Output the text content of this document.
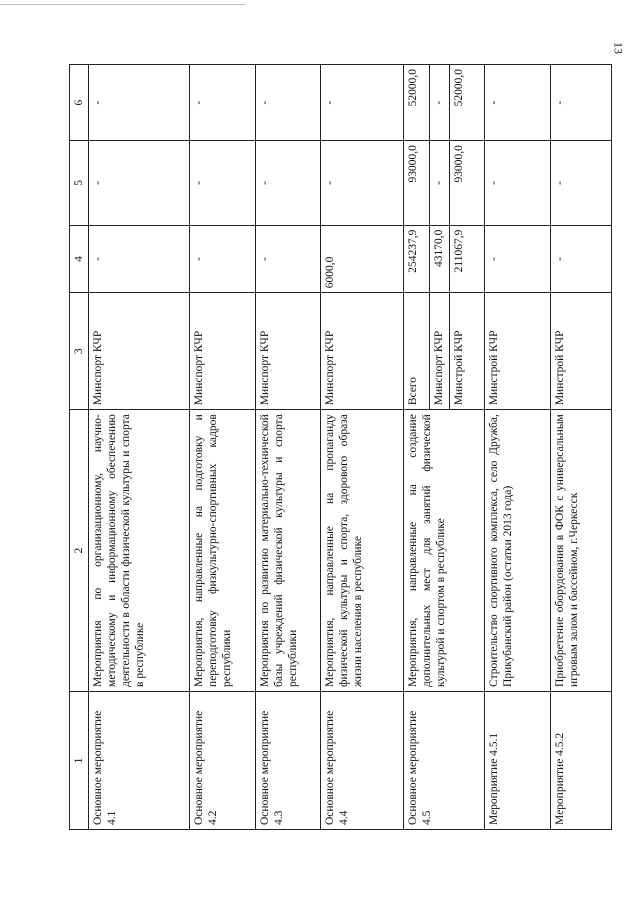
13
1	2	3	4	5	6
Основное мероприятие 4.1	Мероприятия по организационному, научно-методическому и информационному обеспечению деятельности в области физической культуры и спорта в республике	Минспорт КЧР	-	-	-
Основное мероприятие 4.2	Мероприятия, направленные на подготовку и переподготовку физкультурно-спортивных кадров республики	Минспорт КЧР	-	-	-
Основное мероприятие 4.3	Мероприятия по развитию материально-технической базы учреждений физической культуры и спорта республики	Минспорт КЧР	-	-	-
Основное мероприятие 4.4	Мероприятия, направленные на пропаганду физической культуры и спорта, здорового образа жизни населения в республике	Минспорт КЧР	6000,0	-	-
Основное мероприятие 4.5	Мероприятия, направленные на создание дополнительных мест для занятий физической культурой и спортом в республике	Всего	254237,9	93000,0	52000,0
		Минспорт КЧР	43170,0	-	-
		Минстрой КЧР	211067,9	93000,0	52000,0
Мероприятие 4.5.1	Строительство спортивного комплекса, село Дружба, Прикубанский район (остатки 2013 года)	Минстрой КЧР	-	-	-
Мероприятие 4.5.2	Приобретение оборудования в ФОК с универсальным игровым залом и бассейном, г.Черкесск	Минстрой КЧР	-	-	-
